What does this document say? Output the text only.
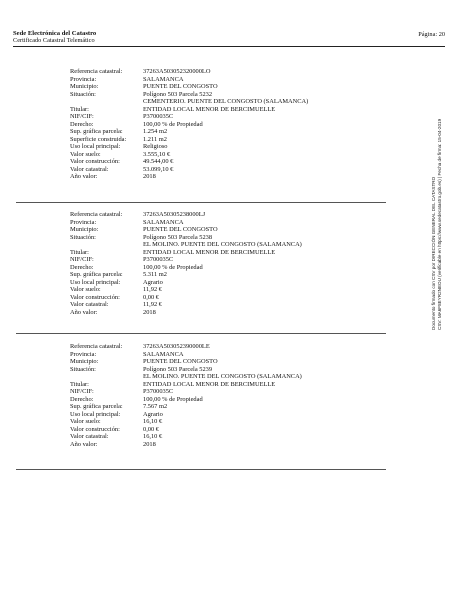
Sede Electrónica del Catastro
Certificado Catastral Telemático
Página: 20
Referencia catastral:	37263A503052320000LO
Provincia:	SALAMANCA
Municipio:	PUENTE DEL CONGOSTO
Situación:	Polígono 503 Parcela 5232
CEMENTERIO. PUENTE DEL CONGOSTO (SALAMANCA)
Titular:	ENTIDAD LOCAL MENOR DE BERCIMUELLE
NIF/CIF:	P3700035C
Derecho:	100,00 % de Propiedad
Sup. gráfica parcela:	1.254 m2
Superficie construida:	1.211 m2
Uso local principal:	Religioso
Valor suelo:	3.555,10 €
Valor construcción:	49.544,00 €
Valor catastral:	53.099,10 €
Año valor:	2018
Referencia catastral:	37263A50305238000LJ
Provincia:	SALAMANCA
Municipio:	PUENTE DEL CONGOSTO
Situación:	Polígono 503 Parcela 5238
EL MOLINO. PUENTE DEL CONGOSTO (SALAMANCA)
Titular:	ENTIDAD LOCAL MENOR DE BERCIMUELLE
NIF/CIF:	P3700035C
Derecho:	100,00 % de Propiedad
Sup. gráfica parcela:	5.311 m2
Uso local principal:	Agrario
Valor suelo:	11,92 €
Valor construcción:	0,00 €
Valor catastral:	11,92 €
Año valor:	2018
Referencia catastral:	37263A503052390000LE
Provincia:	SALAMANCA
Municipio:	PUENTE DEL CONGOSTO
Situación:	Polígono 503 Parcela 5239
EL MOLINO. PUENTE DEL CONGOSTO (SALAMANCA)
Titular:	ENTIDAD LOCAL MENOR DE BERCIMUELLE
NIF/CIF:	P3700035C
Derecho:	100,00 % de Propiedad
Sup. gráfica parcela:	7.567 m2
Uso local principal:	Agrario
Valor suelo:	16,10 €
Valor construcción:	0,00 €
Valor catastral:	16,10 €
Año valor:	2018
Documento firmado con CSV por DIRECCIÓN GENERAL DEL CATASTRO CSV: MA6F8EYR2NEOU (verificable en https://www.sedecatastro.gob.es) | Fecha de firma: 15-04-2019
